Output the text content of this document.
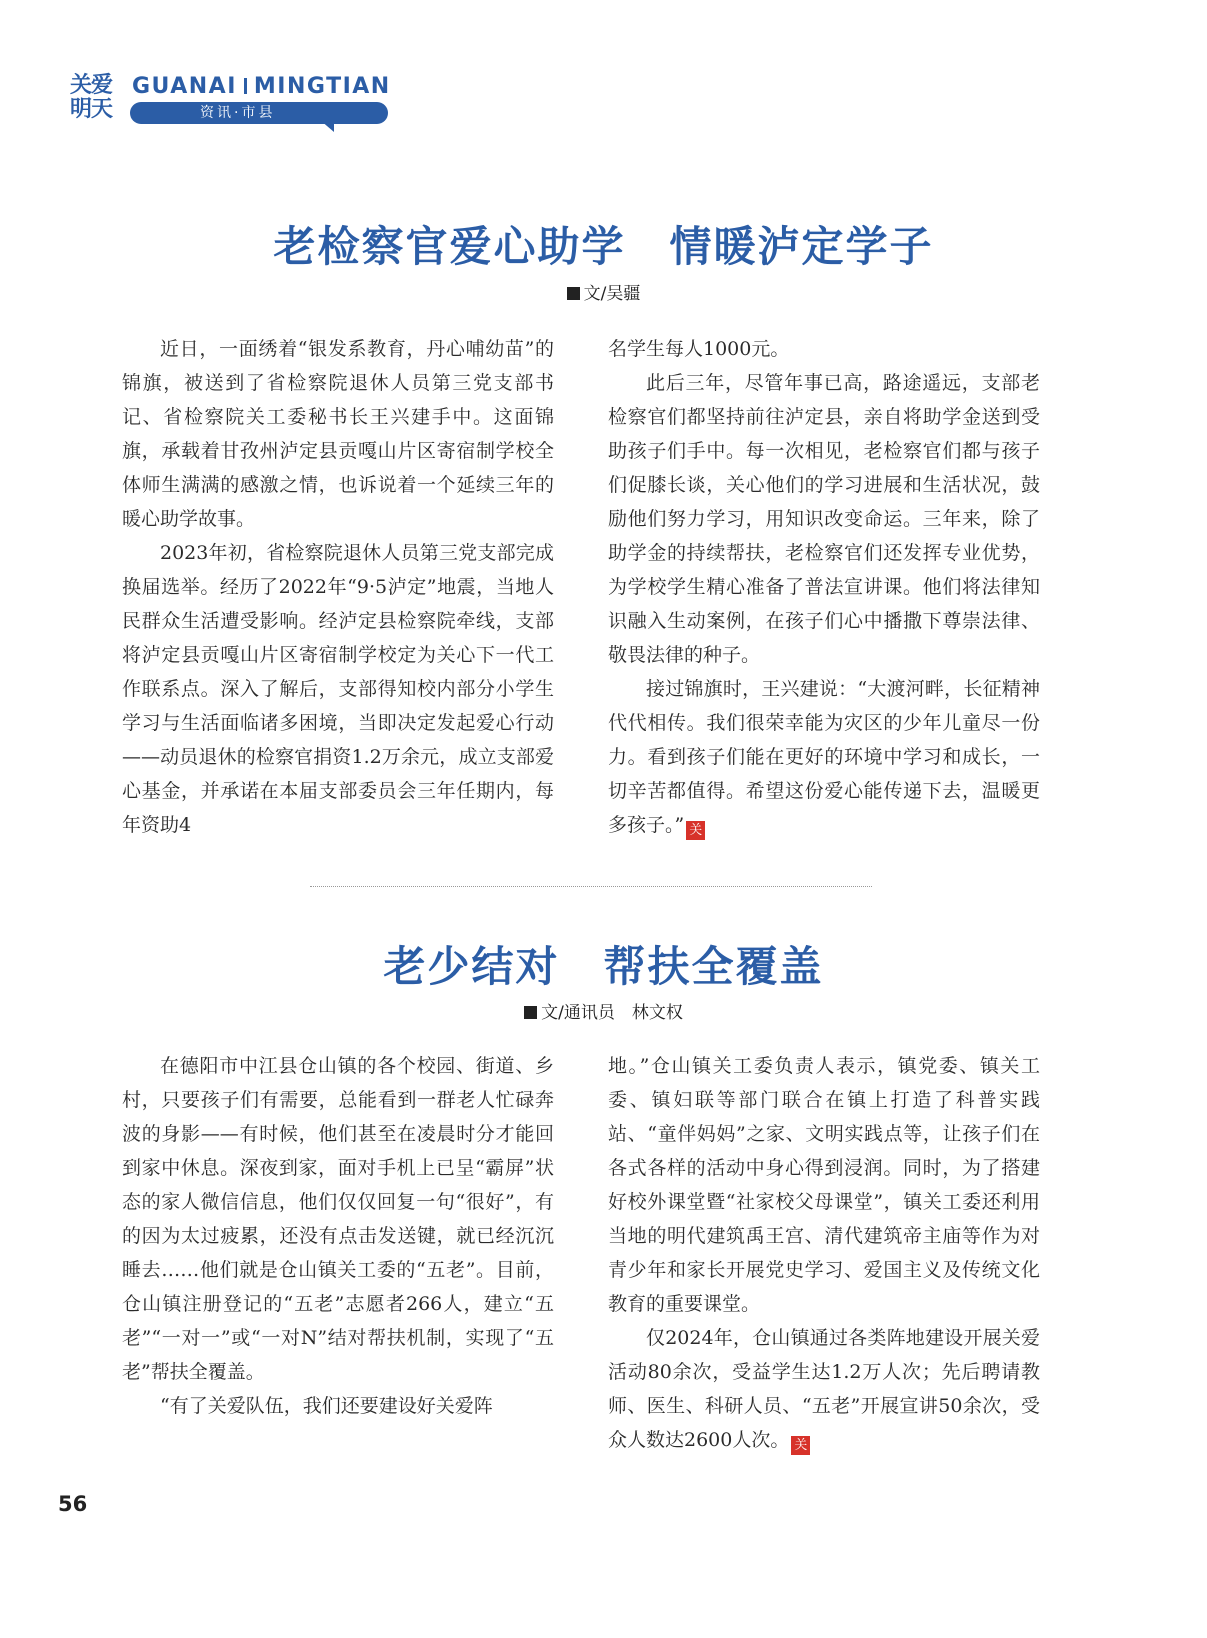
关爱
明天
GUANAI MINGTIAN
资讯·市县
老检察官爱心助学　情暖泸定学子
文/吴疆

近日，一面绣着“银发系教育，丹心哺幼苗”的锦旗，被送到了省检察院退休人员第三党支部书记、省检察院关工委秘书长王兴建手中。这面锦旗，承载着甘孜州泸定县贡嘎山片区寄宿制学校全体师生满满的感激之情，也诉说着一个延续三年的暖心助学故事。

2023年初，省检察院退休人员第三党支部完成换届选举。经历了2022年“9·5泸定”地震，当地人民群众生活遭受影响。经泸定县检察院牵线，支部将泸定县贡嘎山片区寄宿制学校定为关心下一代工作联系点。深入了解后，支部得知校内部分小学生学习与生活面临诸多困境，当即决定发起爱心行动——动员退休的检察官捐资1.2万余元，成立支部爱心基金，并承诺在本届支部委员会三年任期内，每年资助4

名学生每人1000元。

此后三年，尽管年事已高，路途遥远，支部老检察官们都坚持前往泸定县，亲自将助学金送到受助孩子们手中。每一次相见，老检察官们都与孩子们促膝长谈，关心他们的学习进展和生活状况，鼓励他们努力学习，用知识改变命运。三年来，除了助学金的持续帮扶，老检察官们还发挥专业优势，为学校学生精心准备了普法宣讲课。他们将法律知识融入生动案例，在孩子们心中播撒下尊崇法律、敬畏法律的种子。

接过锦旗时，王兴建说：“大渡河畔，长征精神代代相传。我们很荣幸能为灾区的少年儿童尽一份力。看到孩子们能在更好的环境中学习和成长，一切辛苦都值得。希望这份爱心能传递下去，温暖更多孩子。” 关

老少结对　帮扶全覆盖
文/通讯员　林文权

在德阳市中江县仓山镇的各个校园、街道、乡村，只要孩子们有需要，总能看到一群老人忙碌奔波的身影——有时候，他们甚至在凌晨时分才能回到家中休息。深夜到家，面对手机上已呈“霸屏”状态的家人微信信息，他们仅仅回复一句“很好”，有的因为太过疲累，还没有点击发送键，就已经沉沉睡去……他们就是仓山镇关工委的“五老”。目前，仓山镇注册登记的“五老”志愿者266人，建立“五老”“一对一”或“一对N”结对帮扶机制，实现了“五老”帮扶全覆盖。

“有了关爱队伍，我们还要建设好关爱阵

地。”仓山镇关工委负责人表示，镇党委、镇关工委、镇妇联等部门联合在镇上打造了科普实践站、“童伴妈妈”之家、文明实践点等，让孩子们在各式各样的活动中身心得到浸润。同时，为了搭建好校外课堂暨“社家校父母课堂”，镇关工委还利用当地的明代建筑禹王宫、清代建筑帝主庙等作为对青少年和家长开展党史学习、爱国主义及传统文化教育的重要课堂。

仅2024年，仓山镇通过各类阵地建设开展关爱活动80余次，受益学生达1.2万人次；先后聘请教师、医生、科研人员、“五老”开展宣讲50余次，受众人数达2600人次。 关

56
